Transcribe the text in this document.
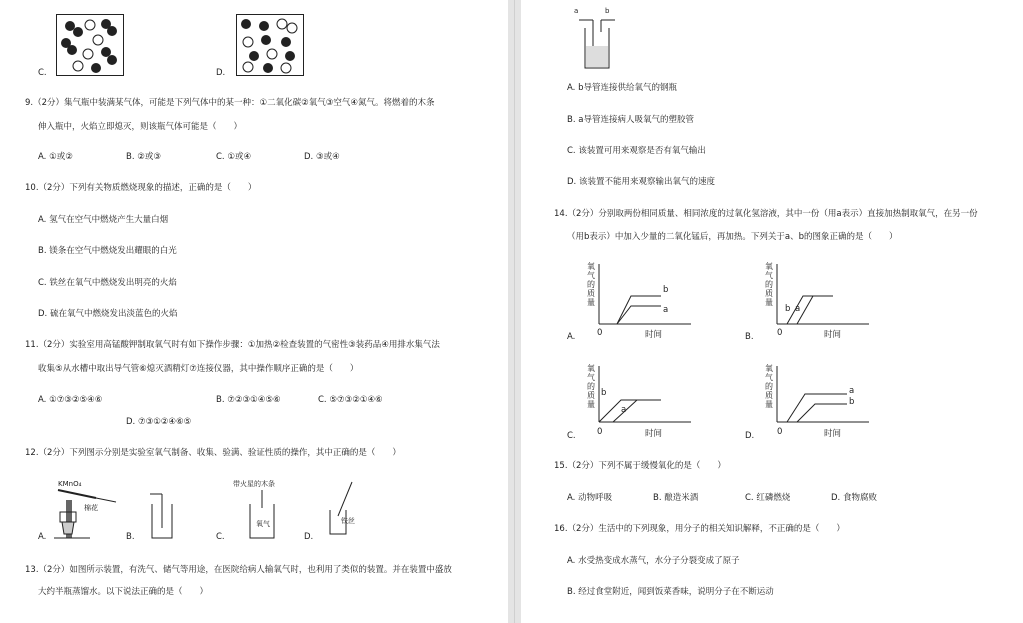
C.	D.
9.（2分）集气瓶中装满某气体，可能是下列气体中的某一种：①二氧化碳②氧气③空气④氮气。将燃着的木条
伸入瓶中，火焰立即熄灭，则该瓶气体可能是（　　）
A. ①或②	B. ②或③	C. ①或④	D. ③或④
10.（2分）下列有关物质燃烧现象的描述，正确的是（　　）
A. 氢气在空气中燃烧产生大量白烟
B. 镁条在空气中燃烧发出耀眼的白光
C. 铁丝在氧气中燃烧发出明亮的火焰
D. 硫在氧气中燃烧发出淡蓝色的火焰
11.（2分）实验室用高锰酸钾制取氧气时有如下操作步骤：①加热②检查装置的气密性③装药品④用排水集气法
收集⑤从水槽中取出导气管⑥熄灭酒精灯⑦连接仪器，其中操作顺序正确的是（　　）
A. ①⑦③②⑤④⑥	B. ⑦②③①④⑤⑥	C. ⑤⑦③②①④⑥
D. ⑦③①②④⑥⑤
12.（2分）下列图示分别是实验室氧气制备、收集、验满、验证性质的操作，其中正确的是（　　）
A.
KMnO₄
棉花
B.	C.
带火星的木条
氧气
D.
铁丝
13.（2分）如图所示装置，有洗气、储气等用途，在医院给病人输氧气时，也利用了类似的装置。并在装置中盛放
大约半瓶蒸馏水。以下说法正确的是（　　）
a	b
A. b导管连接供给氧气的钢瓶
B. a导管连接病人吸氧气的塑胶管
C. 该装置可用来观察是否有氧气输出
D. 该装置不能用来观察输出氧气的速度
14.（2分）分别取两份相同质量、相同浓度的过氧化氢溶液，其中一份（用a表示）直接加热制取氧气，在另一份
（用b表示）中加入少量的二氧化锰后，再加热。下列关于a、b的图象正确的是（　　）
A.
氧
气
的
质
量
b
a
0	时间	B.
氧
气
的
质
量
b a
0	时间
C.
氧
气
的
质
量
b
a
0	时间	D.
氧
气
的
质
量
a
b
0	时间
15.（2分）下列不属于缓慢氧化的是（　　）
A. 动物呼吸	B. 酿造米酒	C. 红磷燃烧	D. 食物腐败
16.（2分）生活中的下列现象，用分子的相关知识解释，不正确的是（　　）
A. 水受热变成水蒸气，水分子分裂变成了原子
B. 经过食堂附近，闻到饭菜香味，说明分子在不断运动
